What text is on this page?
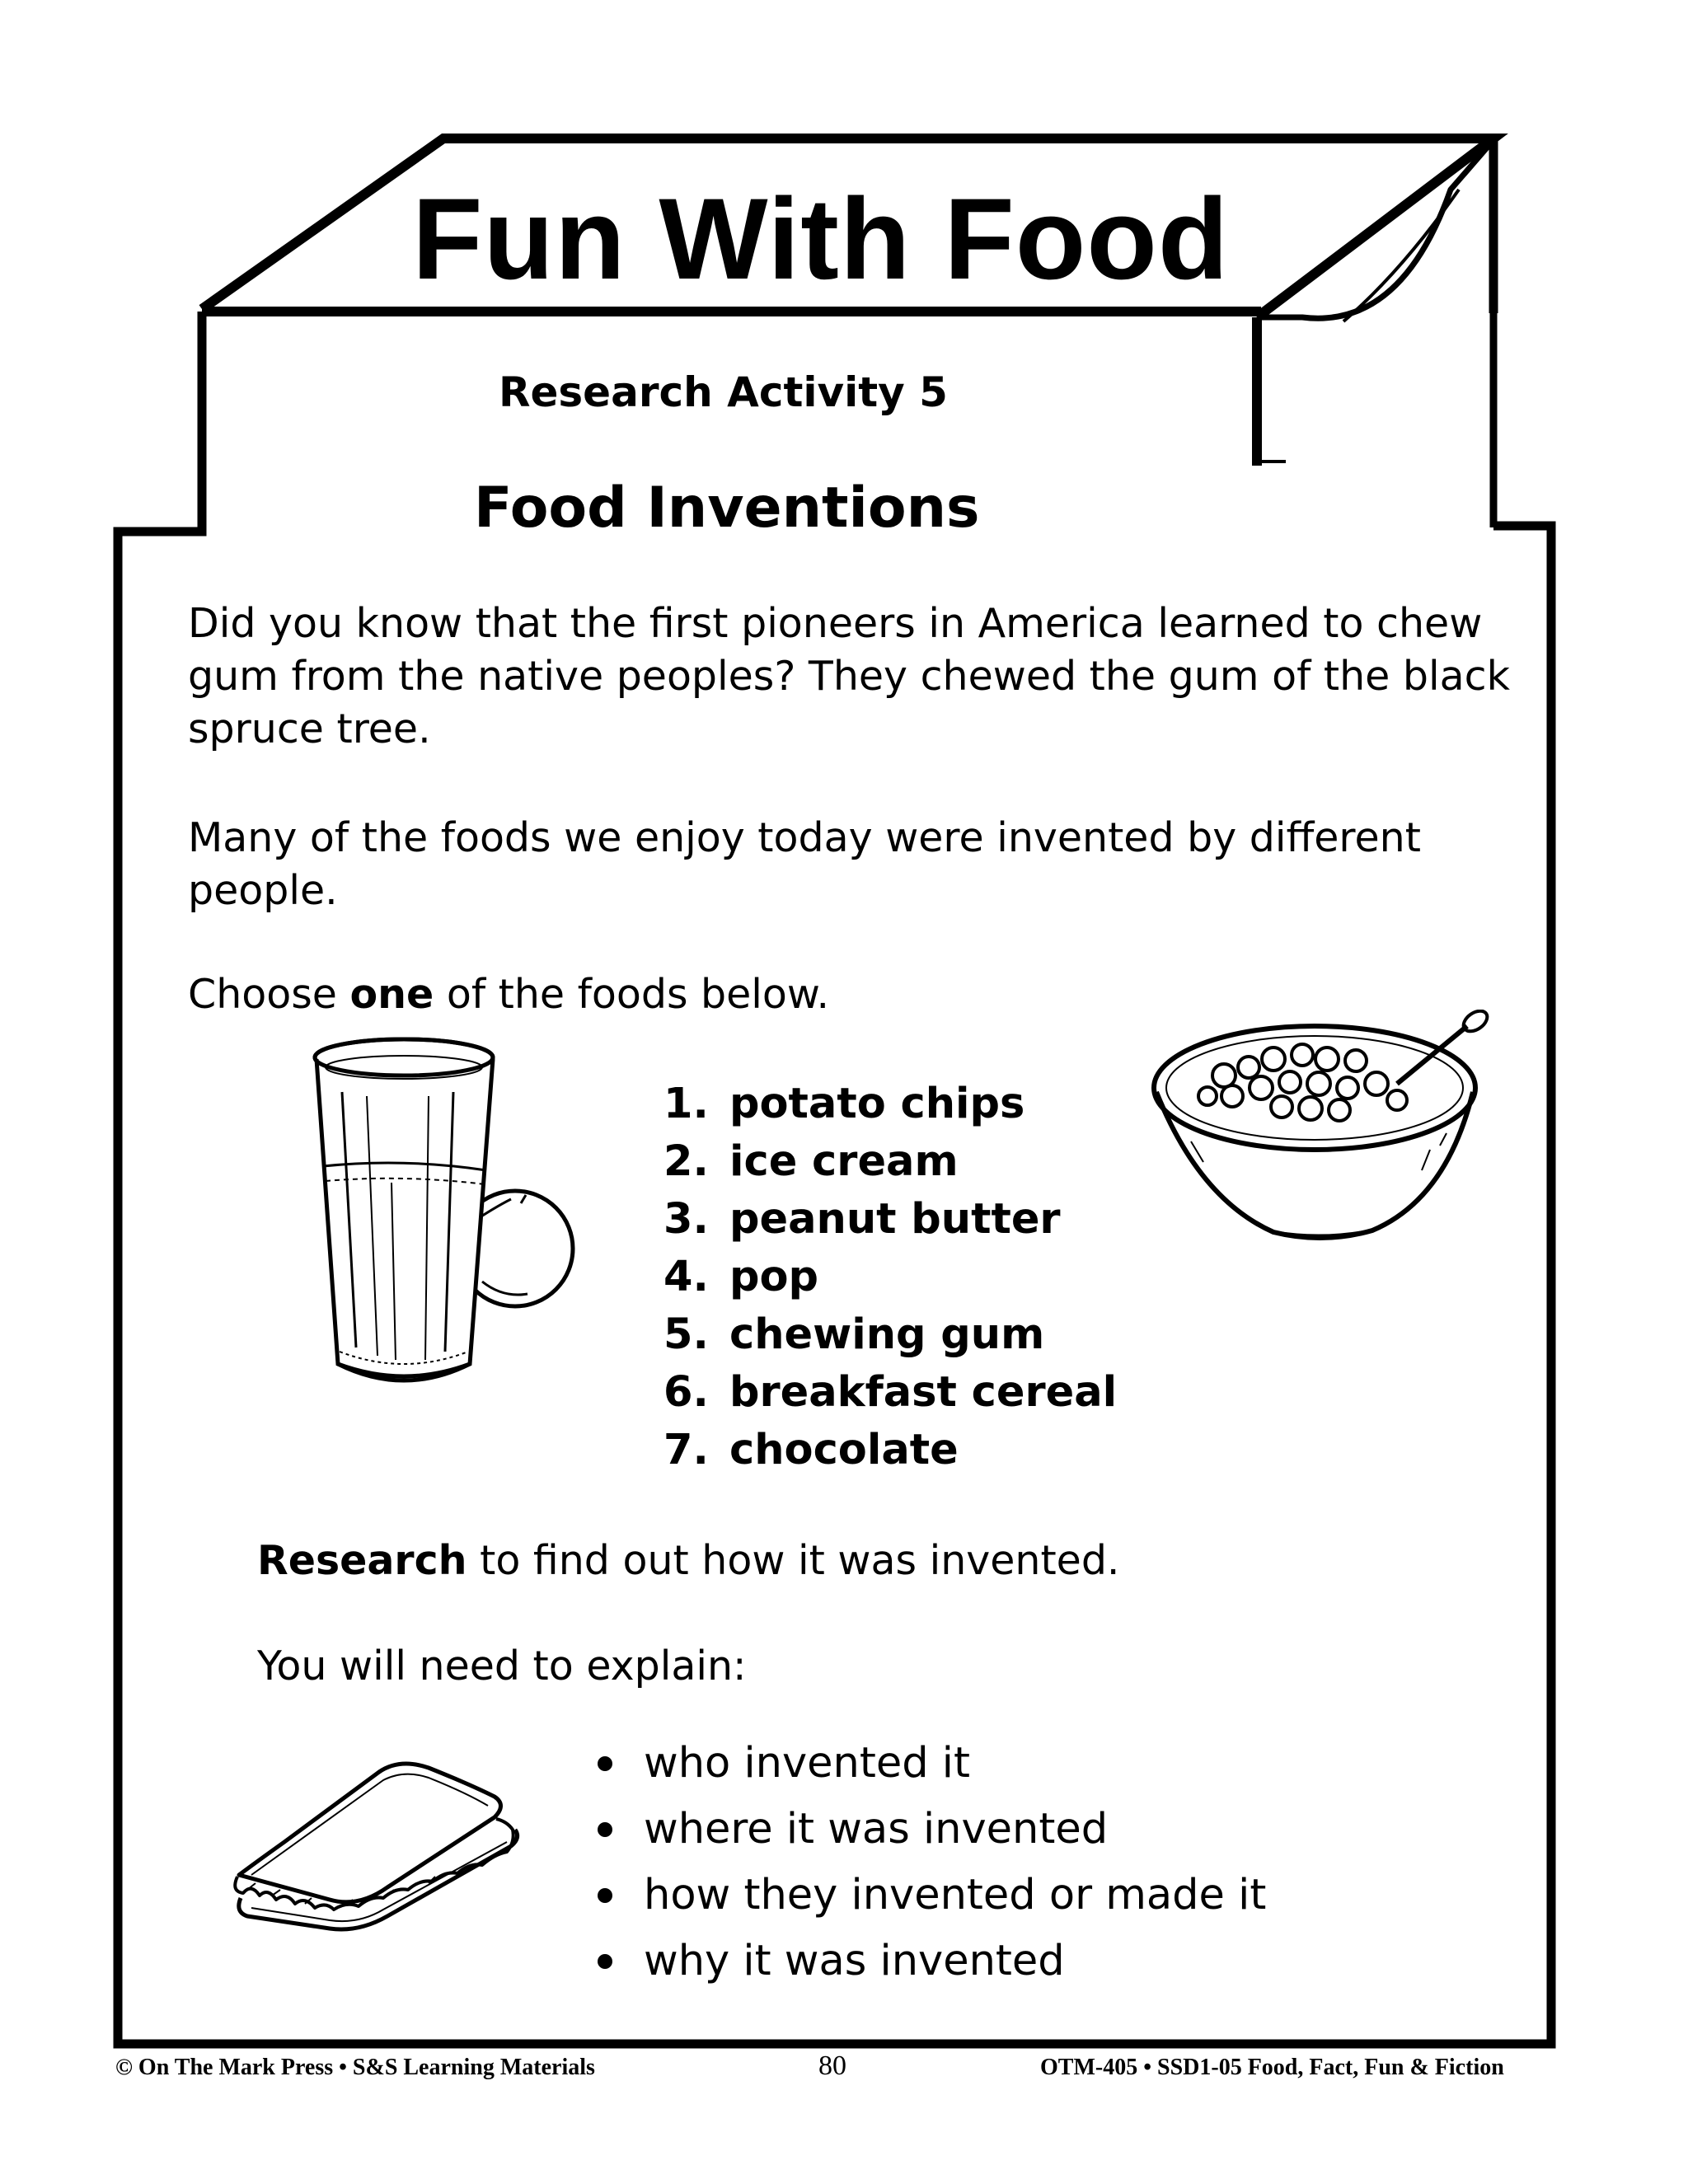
Fun With Food
Research Activity 5
Food Inventions

Did you know that the first pioneers in America learned to chew gum from the native peoples? They chewed the gum of the black spruce tree.

Many of the foods we enjoy today were invented by different people.

Choose one of the foods below.

1. potato chips
2. ice cream
3. peanut butter
4. pop
5. chewing gum
6. breakfast cereal
7. chocolate

Research to find out how it was invented.

You will need to explain:

who invented it
where it was invented
how they invented or made it
why it was invented
© On The Mark Press • S&S Learning Materials	80	OTM-405 • SSD1-05 Food, Fact, Fun & Fiction
